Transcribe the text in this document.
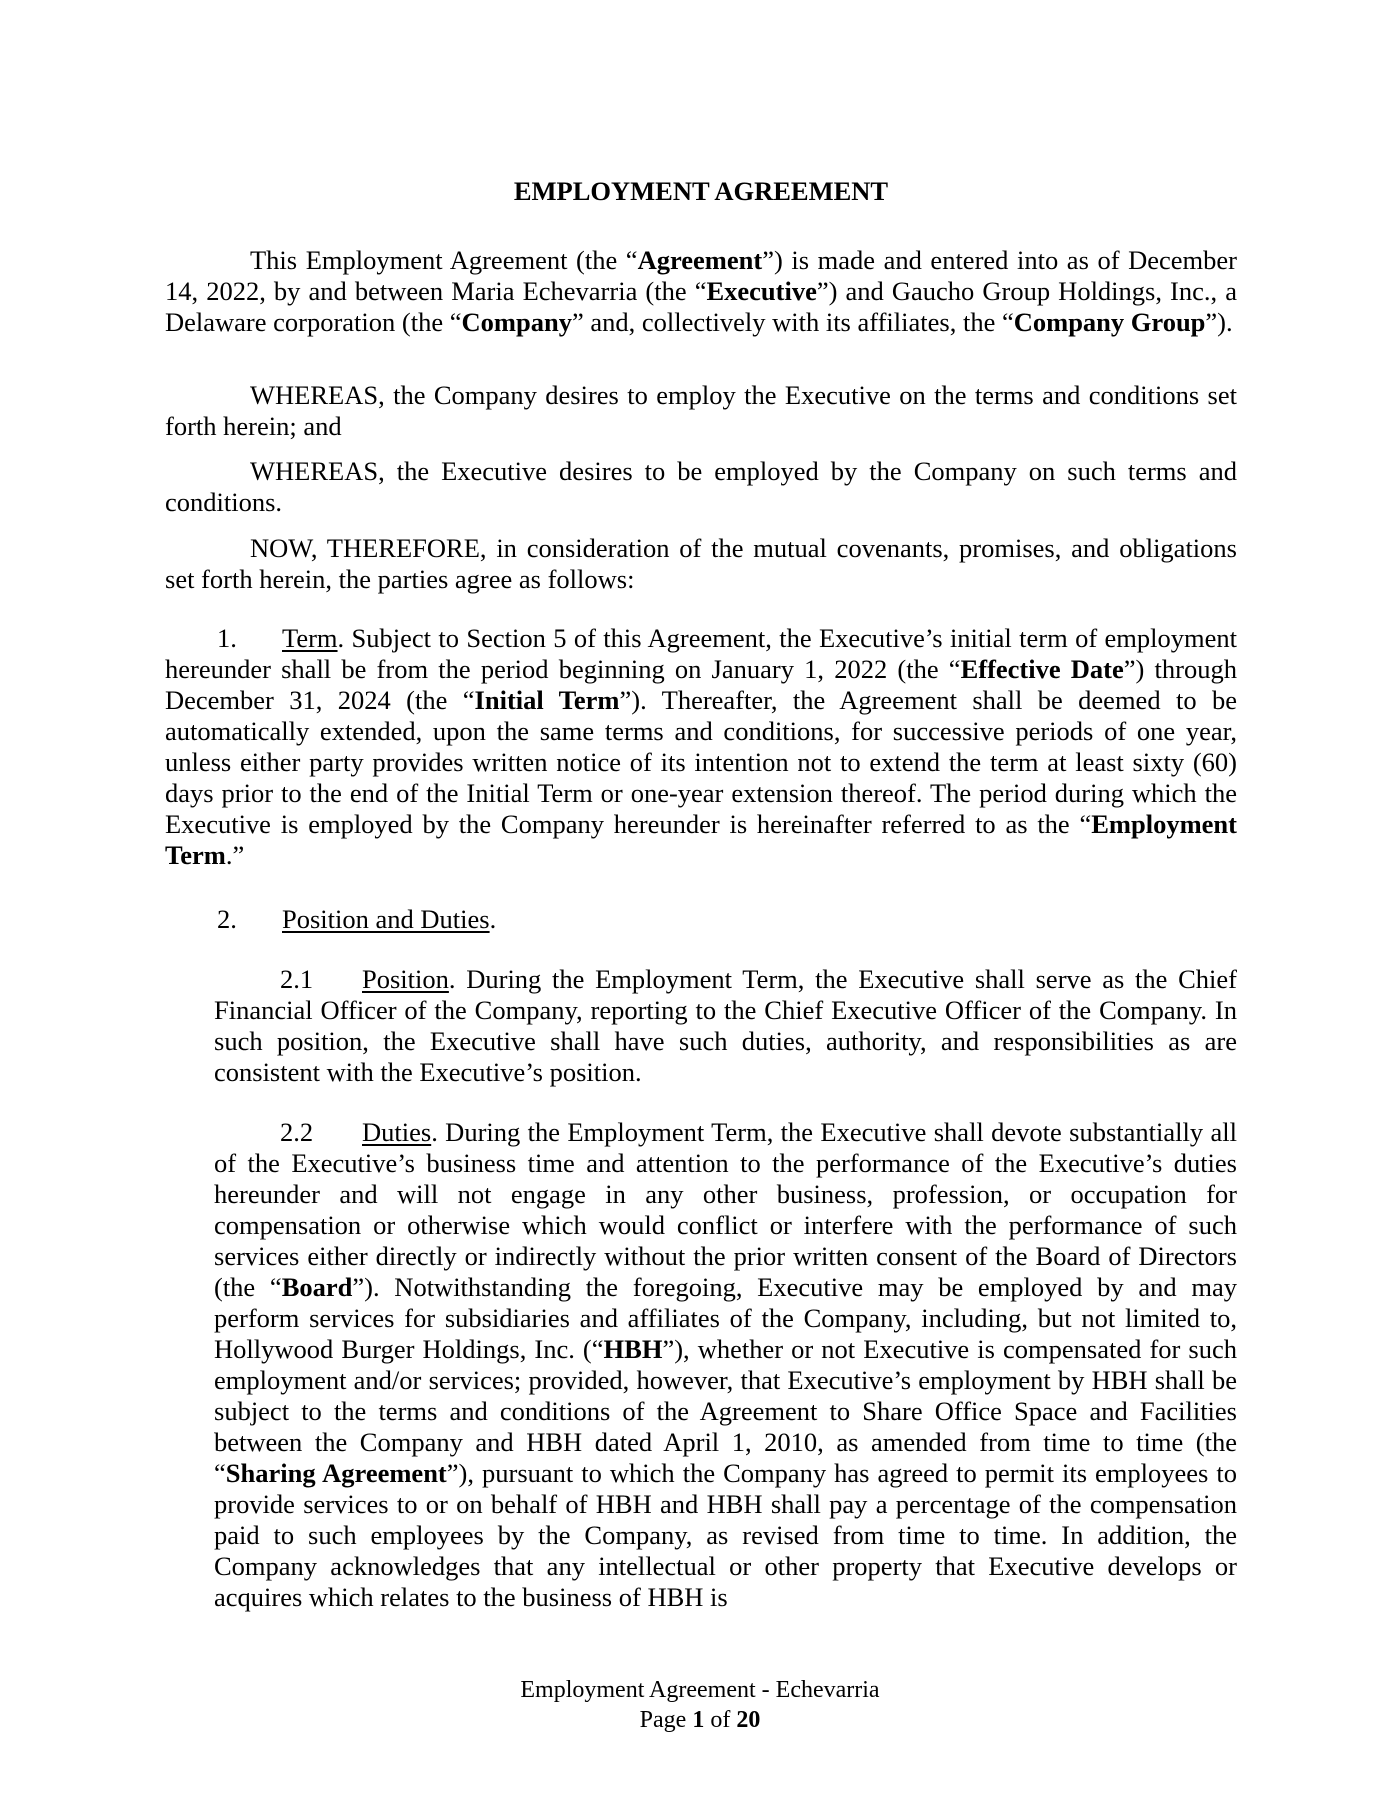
EMPLOYMENT AGREEMENT

This Employment Agreement (the “Agreement”) is made and entered into as of December 14, 2022, by and between Maria Echevarria (the “Executive”) and Gaucho Group Holdings, Inc., a Delaware corporation (the “Company” and, collectively with its affiliates, the “Company Group”).

WHEREAS, the Company desires to employ the Executive on the terms and conditions set forth herein; and

WHEREAS, the Executive desires to be employed by the Company on such terms and conditions.

NOW, THEREFORE, in consideration of the mutual covenants, promises, and obligations set forth herein, the parties agree as follows:

1. Term. Subject to Section 5 of this Agreement, the Executive’s initial term of employment hereunder shall be from the period beginning on January 1, 2022 (the “Effective Date”) through December 31, 2024 (the “Initial Term”). Thereafter, the Agreement shall be deemed to be automatically extended, upon the same terms and conditions, for successive periods of one year, unless either party provides written notice of its intention not to extend the term at least sixty (60) days prior to the end of the Initial Term or one-year extension thereof. The period during which the Executive is employed by the Company hereunder is hereinafter referred to as the “Employment Term.”

2. Position and Duties.

2.1 Position. During the Employment Term, the Executive shall serve as the Chief Financial Officer of the Company, reporting to the Chief Executive Officer of the Company. In such position, the Executive shall have such duties, authority, and responsibilities as are consistent with the Executive’s position.

2.2 Duties. During the Employment Term, the Executive shall devote substantially all of the Executive’s business time and attention to the performance of the Executive’s duties hereunder and will not engage in any other business, profession, or occupation for compensation or otherwise which would conflict or interfere with the performance of such services either directly or indirectly without the prior written consent of the Board of Directors (the “Board”). Notwithstanding the foregoing, Executive may be employed by and may perform services for subsidiaries and affiliates of the Company, including, but not limited to, Hollywood Burger Holdings, Inc. (“HBH”), whether or not Executive is compensated for such employment and/or services; provided, however, that Executive’s employment by HBH shall be subject to the terms and conditions of the Agreement to Share Office Space and Facilities between the Company and HBH dated April 1, 2010, as amended from time to time (the “Sharing Agreement”), pursuant to which the Company has agreed to permit its employees to provide services to or on behalf of HBH and HBH shall pay a percentage of the compensation paid to such employees by the Company, as revised from time to time. In addition, the Company acknowledges that any intellectual or other property that Executive develops or acquires which relates to the business of HBH is

Employment Agreement - Echevarria
Page 1 of 20
